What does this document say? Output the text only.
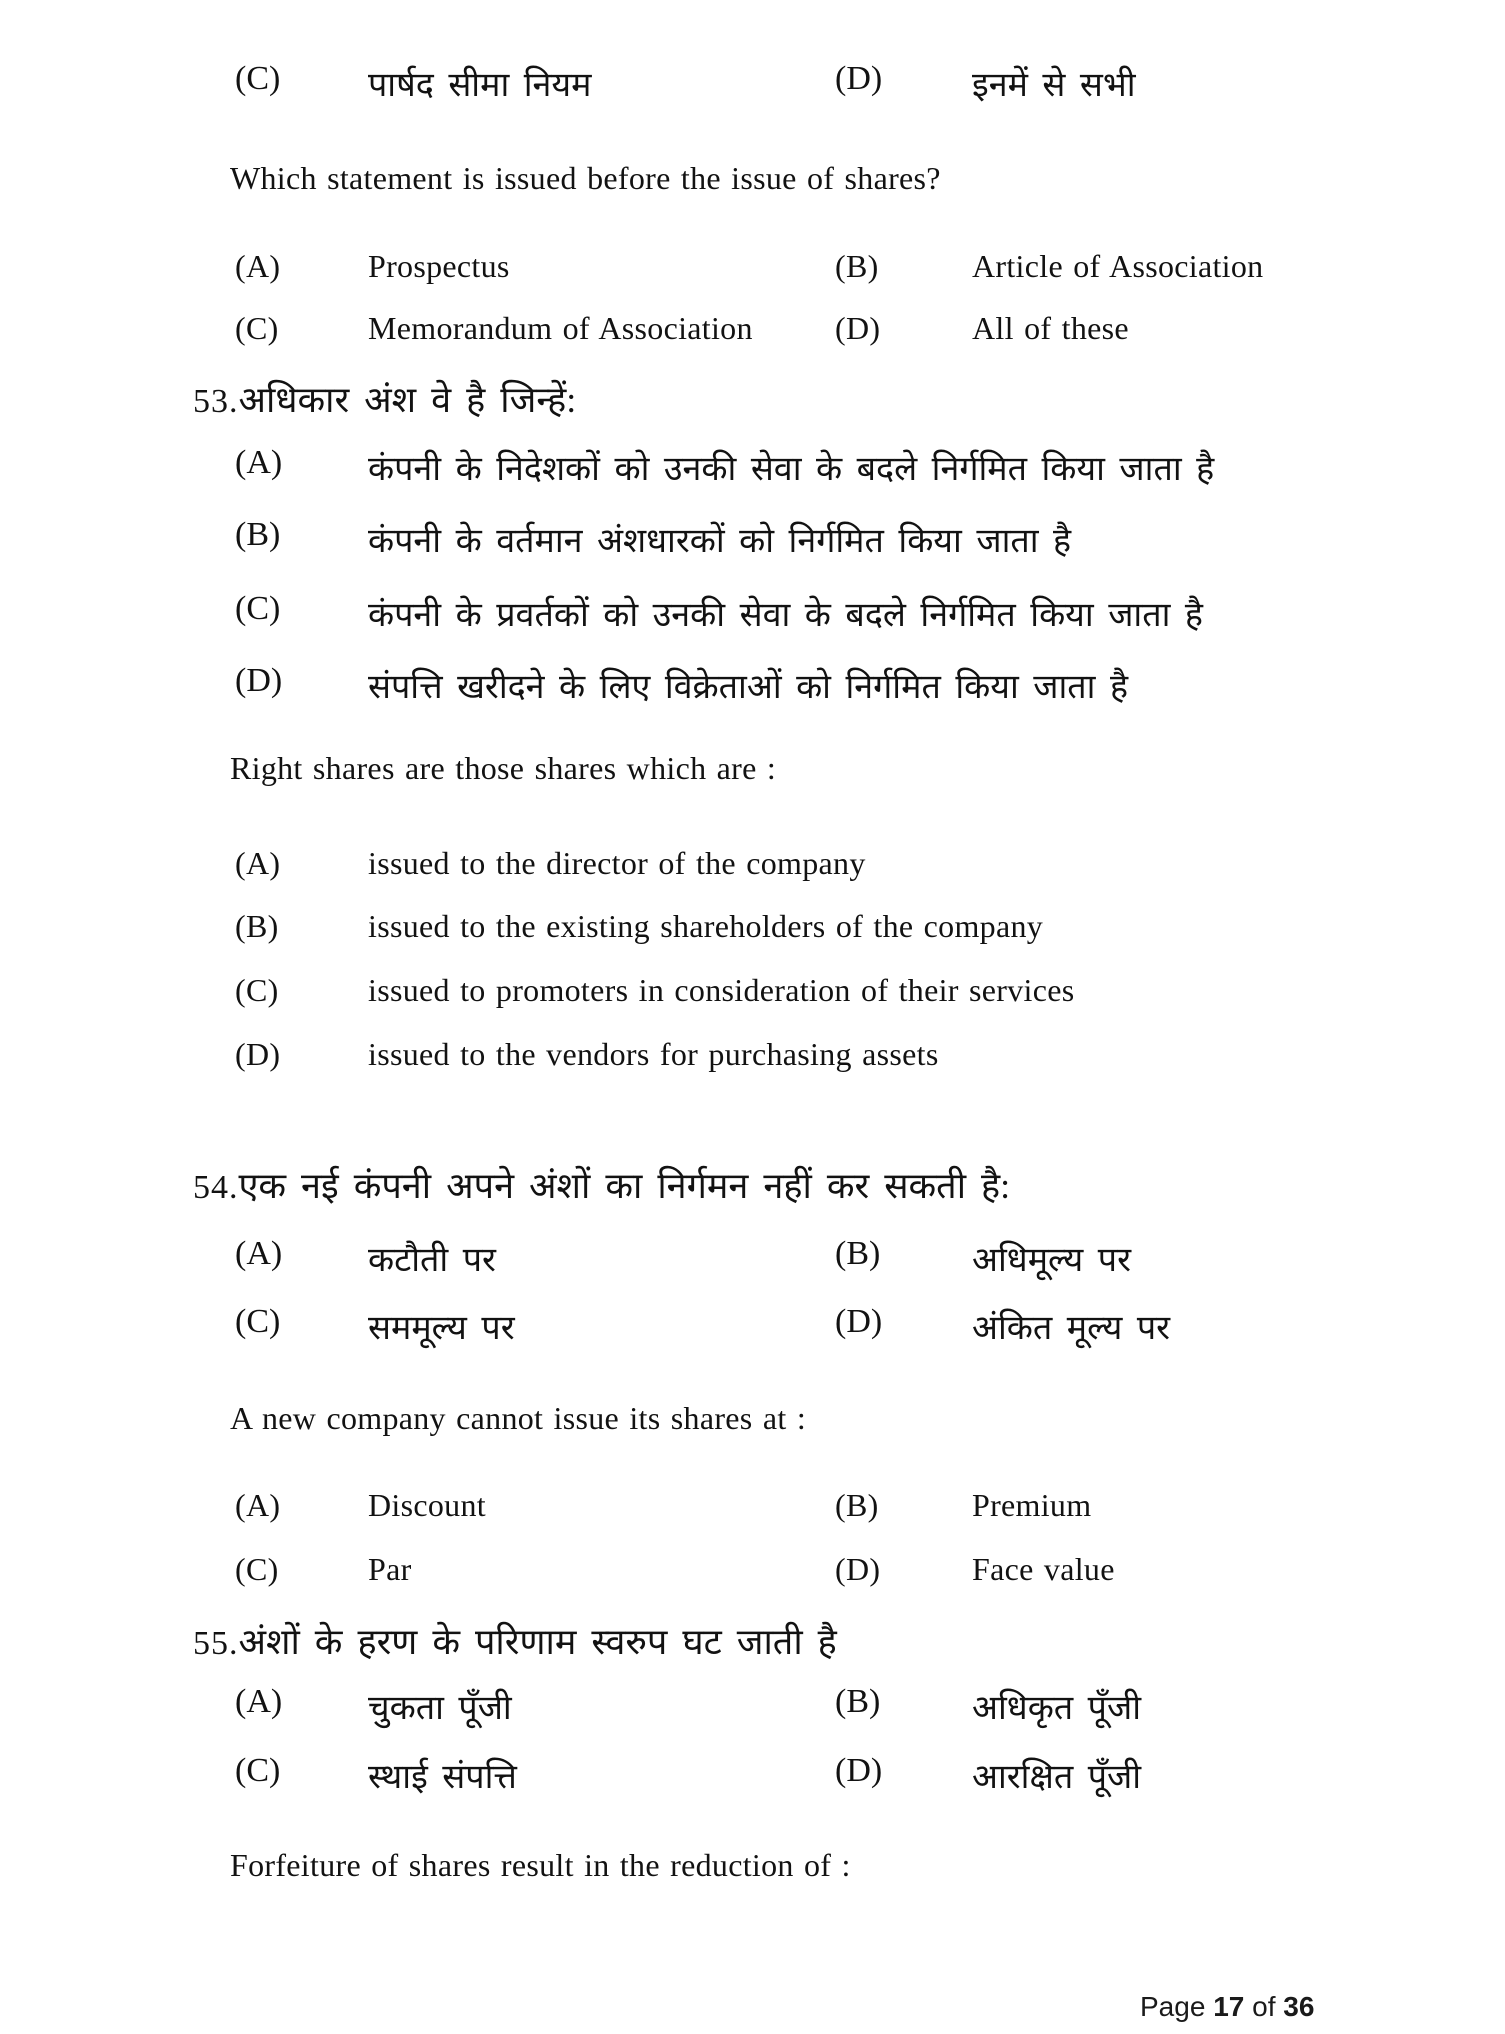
(C)	पार्षद सीमा नियम	(D)	इनमें से सभी
Which statement is issued before the issue of shares?
(A)	Prospectus	(B)	Article of Association
(C)	Memorandum of Association	(D)	All of these
53.अधिकार अंश वे है जिन्हें:
(A)	कंपनी के निदेशकों को उनकी सेवा के बदले निर्गमित किया जाता है
(B)	कंपनी के वर्तमान अंशधारकों को निर्गमित किया जाता है
(C)	कंपनी के प्रवर्तकों को उनकी सेवा के बदले निर्गमित किया जाता है
(D)	संपत्ति खरीदने के लिए विक्रेताओं को निर्गमित किया जाता है
Right shares are those shares which are :
(A)	issued to the director of the company
(B)	issued to the existing shareholders of the company
(C)	issued to promoters in consideration of their services
(D)	issued to the vendors for purchasing assets
54.एक नई कंपनी अपने अंशों का निर्गमन नहीं कर सकती है:
(A)	कटौती पर	(B)	अधिमूल्य पर
(C)	सममूल्य पर	(D)	अंकित मूल्य पर
A new company cannot issue its shares at :
(A)	Discount	(B)	Premium
(C)	Par	(D)	Face value
55.अंशों के हरण के परिणाम स्वरुप घट जाती है
(A)	चुकता पूँजी	(B)	अधिकृत पूँजी
(C)	स्थाई संपत्ति	(D)	आरक्षित पूँजी
Forfeiture of shares result in the reduction of :
Page 17 of 36
